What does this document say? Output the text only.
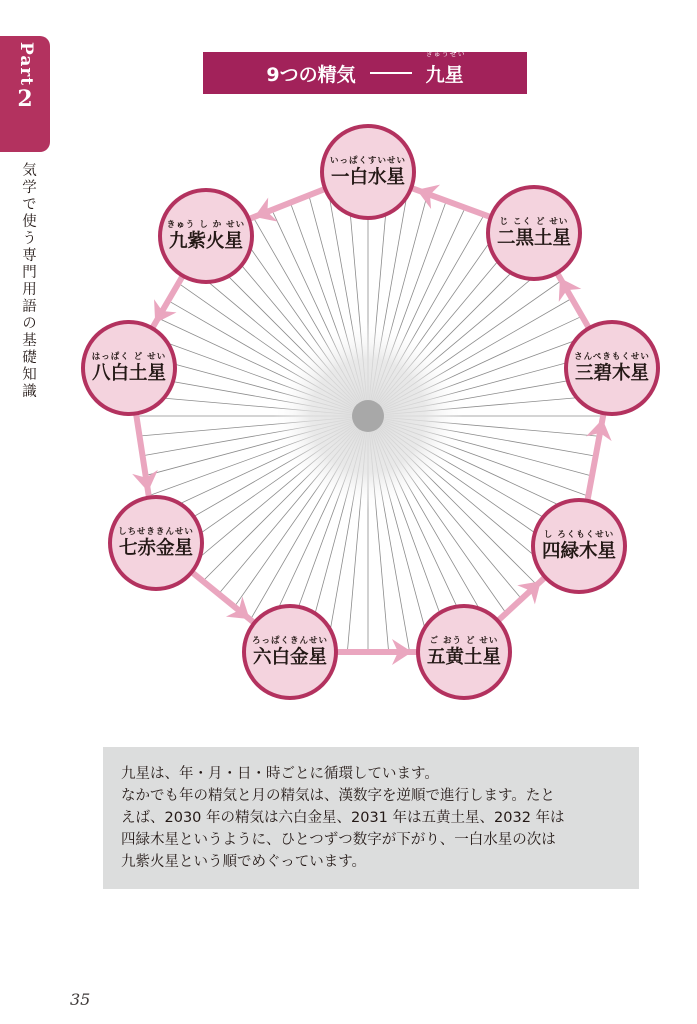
Part
2
気学で使う専門用語の基礎知識
9つの精気
きゅうせい
九星
いっぱくすいせい
一白水星
じ こく ど せい
二黒土星
さんぺきもくせい
三碧木星
し ろくもくせい
四緑木星
ご おう ど せい
五黄土星
ろっぱくきんせい
六白金星
しちせききんせい
七赤金星
はっぱく ど せい
八白土星
きゅう し か せい
九紫火星

九星は、年・月・日・時ごとに循環しています。

なかでも年の精気と月の精気は、漢数字を逆順で進行します。たと

えば、2030 年の精気は六白金星、2031 年は五黄土星、2032 年は

四緑木星というように、ひとつずつ数字が下がり、一白水星の次は

九紫火星という順でめぐっています。

35
